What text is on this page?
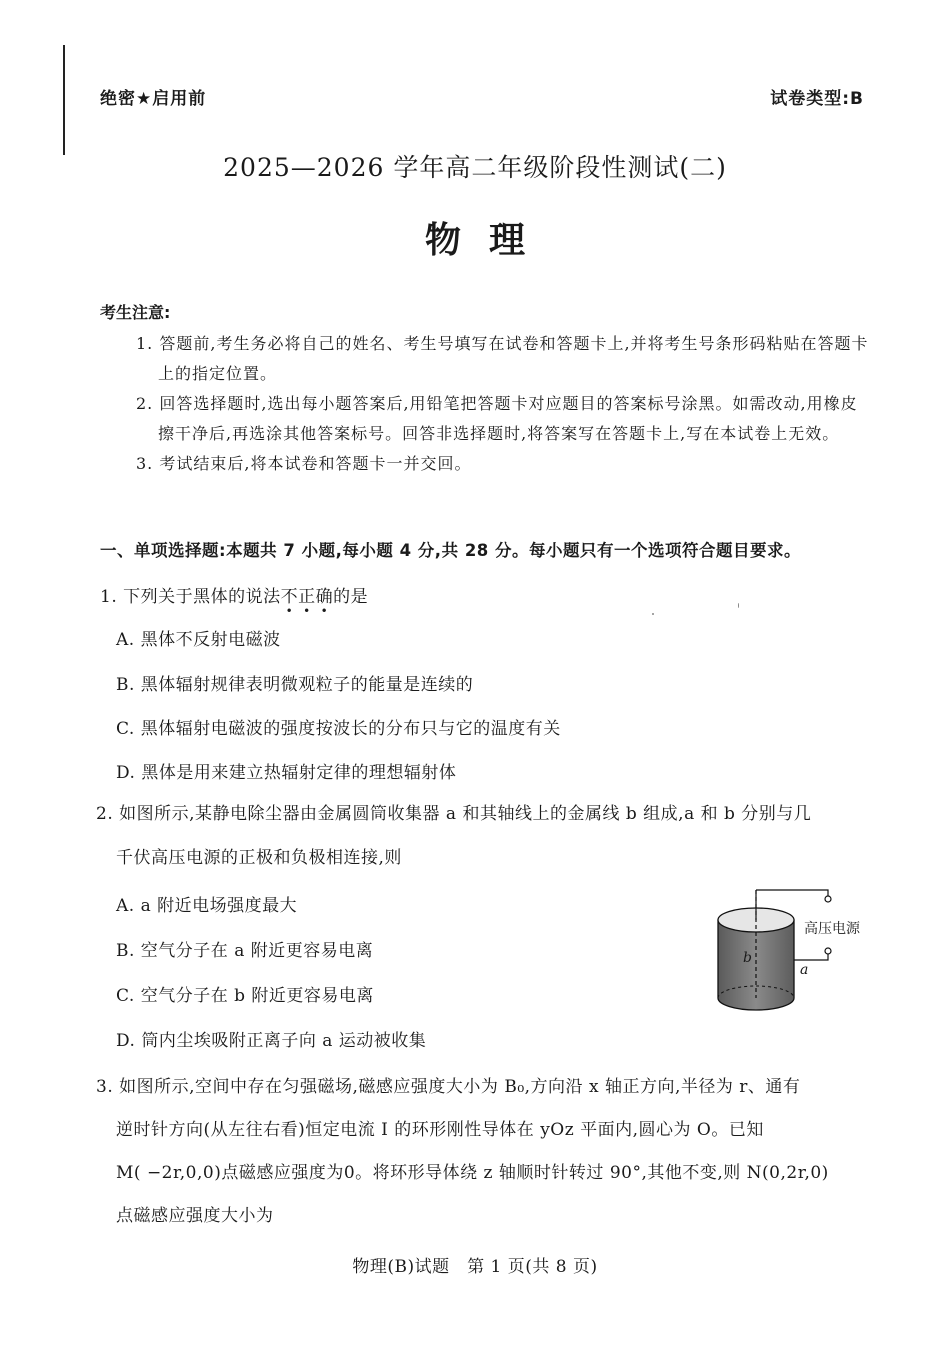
绝密★启用前	试卷类型:B
2025—2026 学年高二年级阶段性测试(二)
物理
考生注意:
1. 答题前,考生务必将自己的姓名、考生号填写在试卷和答题卡上,并将考生号条形码粘贴在答题卡上的指定位置。
2. 回答选择题时,选出每小题答案后,用铅笔把答题卡对应题目的答案标号涂黑。如需改动,用橡皮擦干净后,再选涂其他答案标号。回答非选择题时,将答案写在答题卡上,写在本试卷上无效。
3. 考试结束后,将本试卷和答题卡一并交回。
一、单项选择题:本题共 7 小题,每小题 4 分,共 28 分。每小题只有一个选项符合题目要求。
1. 下列关于黑体的说法不正确的是
A. 黑体不反射电磁波
B. 黑体辐射规律表明微观粒子的能量是连续的
C. 黑体辐射电磁波的强度按波长的分布只与它的温度有关
D. 黑体是用来建立热辐射定律的理想辐射体
2. 如图所示,某静电除尘器由金属圆筒收集器 a 和其轴线上的金属线 b 组成,a 和 b 分别与几
千伏高压电源的正极和负极相连接,则
A. a 附近电场强度最大
B. 空气分子在 a 附近更容易电离
C. 空气分子在 b 附近更容易电离
D. 筒内尘埃吸附正离子向 a 运动被收集
高压电源
b
a
3. 如图所示,空间中存在匀强磁场,磁感应强度大小为 B₀,方向沿 x 轴正方向,半径为 r、通有
逆时针方向(从左往右看)恒定电流 I 的环形刚性导体在 yOz 平面内,圆心为 O。已知
M( −2r,0,0)点磁感应强度为0。将环形导体绕 z 轴顺时针转过 90°,其他不变,则 N(0,2r,0)
点磁感应强度大小为
物理(B)试题　第 1 页(共 8 页)
